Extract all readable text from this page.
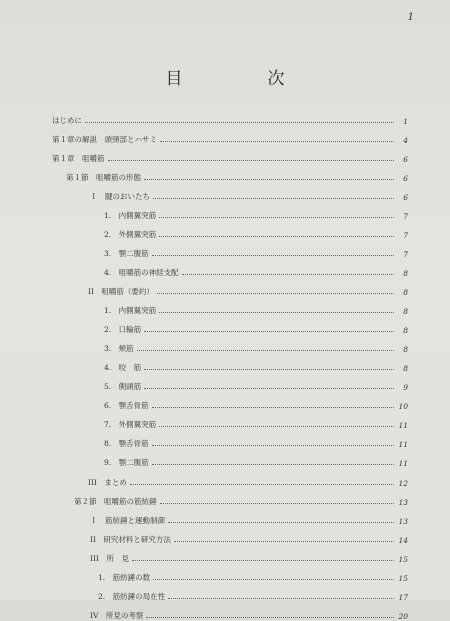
1
目　次
はじめに	1
第１章の解説　頭頸部とハサミ	4
第１章　咀嚼筋	6
第１節　咀嚼筋の形態	6
Ｉ　腱のおいたち	6
1.　内側翼突筋	7
2.　外側翼突筋	7
3.　顎二腹筋	7
4.　咀嚼筋の神経支配	8
II　咀嚼筋（要約）	8
1.　内側翼突筋	8
2.　口輪筋	8
3.　頬筋	8
4.　咬　筋	8
5.　側頭筋	9
6.　顎舌骨筋	10
7.　外側翼突筋	11
8.　顎舌骨筋	11
9.　顎二腹筋	11
III　まとめ	12
第２節　咀嚼筋の筋紡錘	13
Ｉ　筋紡錘と運動制御	13
II　研究材料と研究方法	14
III　所　見	15
1.　筋紡錘の数	15
2.　筋紡錘の局在性	17
IV　所見の考察	20
